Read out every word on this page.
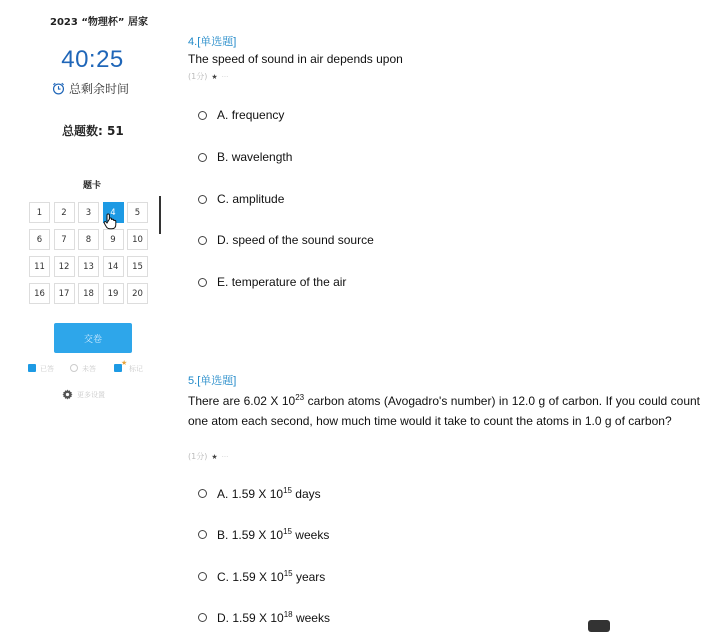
2023 “物理杯” 居家
40:25
总剩余时间
总题数: 51
题卡
1	2	3	4	5
6	7	8	9	10
11	12	13	14	15
16	17	18	19	20
交卷
已答	未答
★
标记
更多设置
4.[单选题]
The speed of sound in air depends upon
(1分) ★ ···
A. frequency
B. wavelength
C. amplitude
D. speed of the sound source
E. temperature of the air
5.[单选题]
There are 6.02 X $10^{23}$ carbon atoms (Avogadro's number) in 12.0 g of carbon. If you could count one atom each second, how much time would it take to count the atoms in 1.0 g of carbon?
(1分) ★ ···
A. 1.59 X $10^{15}$ days
B. 1.59 X $10^{15}$ weeks
C. 1.59 X $10^{15}$ years
D. 1.59 X $10^{18}$ weeks
